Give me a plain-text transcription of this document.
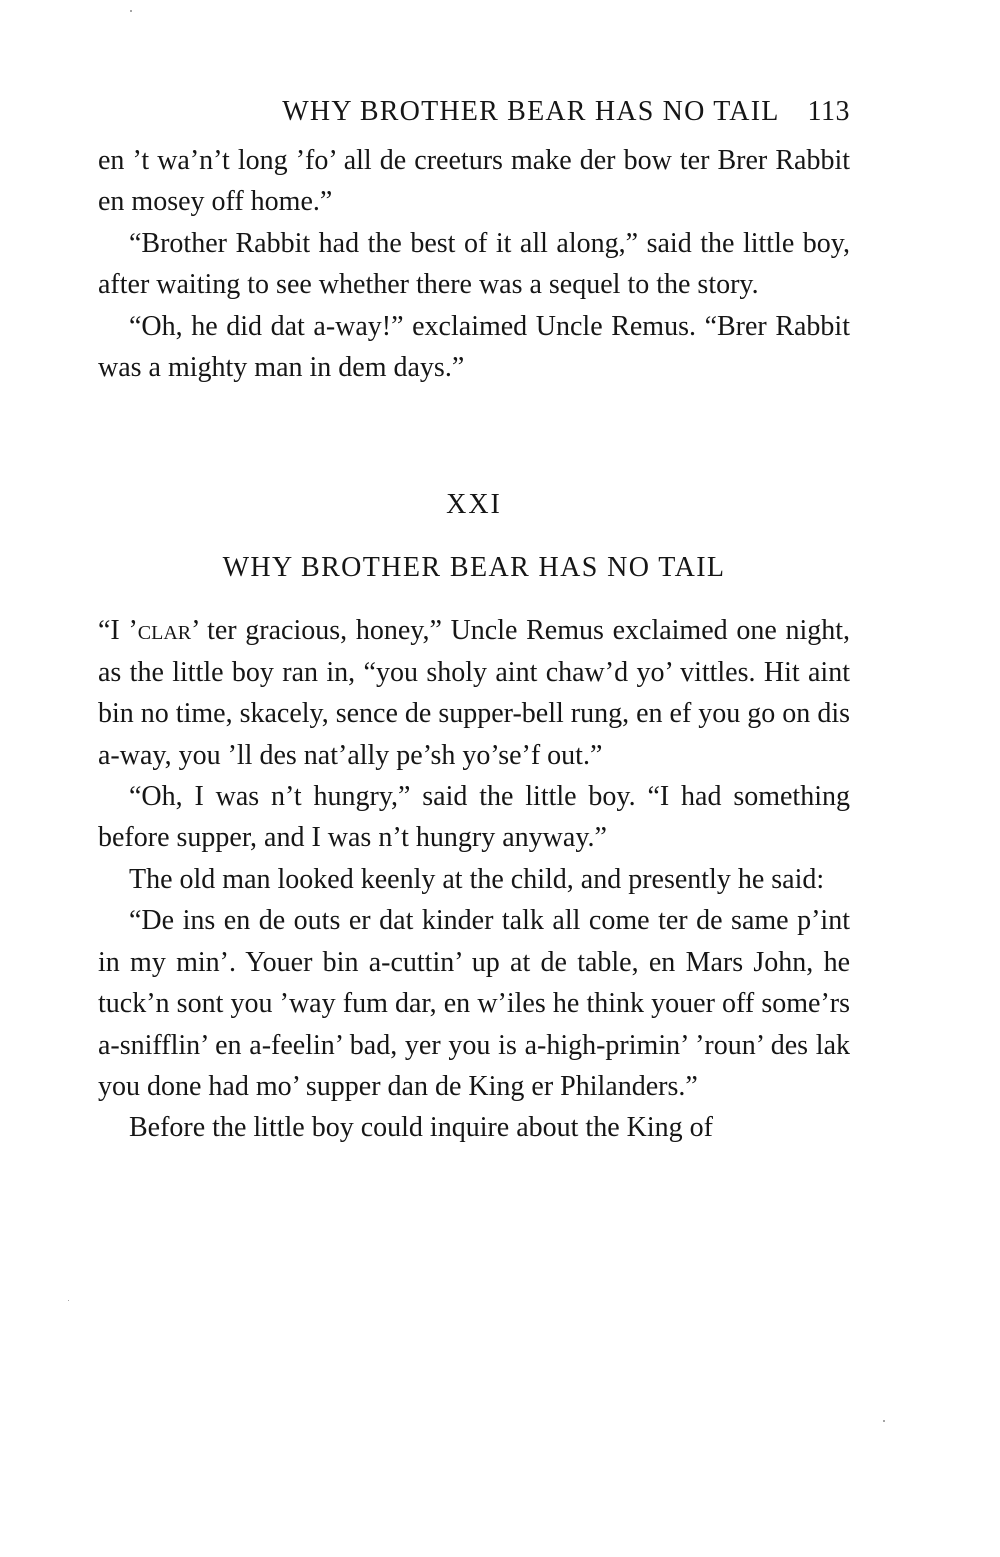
WHY BROTHER BEAR HAS NO TAIL 113

en ’t wa’n’t long ’fo’ all de creeturs make der bow ter Brer Rabbit en mosey off home.”

“Brother Rabbit had the best of it all along,” said the little boy, after waiting to see whether there was a sequel to the story.

“Oh, he did dat a-way!” exclaimed Uncle Remus. “Brer Rabbit was a mighty man in dem days.”

XXI
WHY BROTHER BEAR HAS NO TAIL

“I ’clar’ ter gracious, honey,” Uncle Remus exclaimed one night, as the little boy ran in, “you sholy aint chaw’d yo’ vittles. Hit aint bin no time, skacely, sence de supper-bell rung, en ef you go on dis a-way, you ’ll des nat’ally pe’sh yo’se’f out.”

“Oh, I was n’t hungry,” said the little boy. “I had something before supper, and I was n’t hungry anyway.”

The old man looked keenly at the child, and presently he said:

“De ins en de outs er dat kinder talk all come ter de same p’int in my min’. Youer bin a-cuttin’ up at de table, en Mars John, he tuck’n sont you ’way fum dar, en w’iles he think youer off some’rs a-snifflin’ en a-feelin’ bad, yer you is a-high-primin’ ’roun’ des lak you done had mo’ supper dan de King er Philanders.”

Before the little boy could inquire about the King of
